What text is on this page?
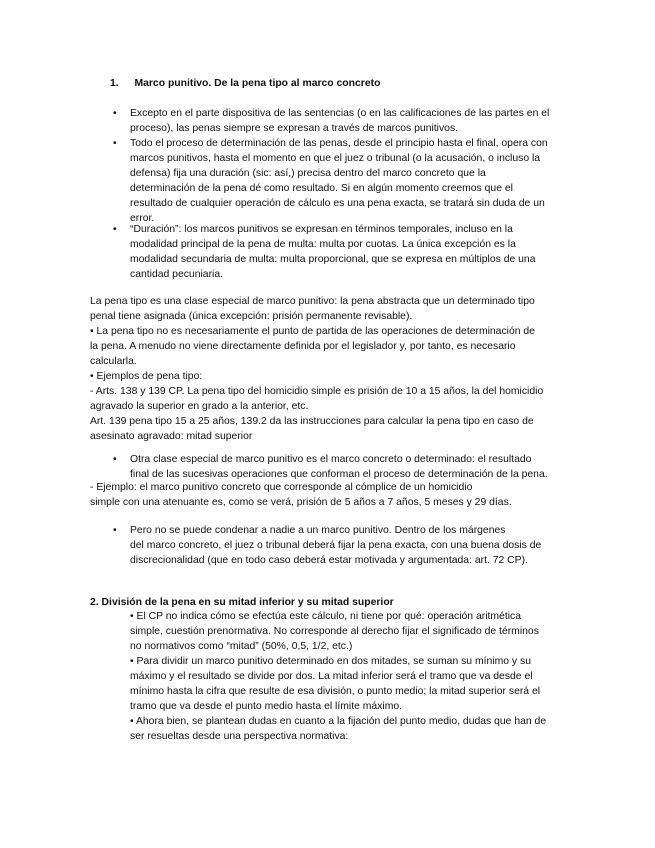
1. Marco punitivo. De la pena tipo al marco concreto
•	Excepto en el parte dispositiva de las sentencias (o en las calificaciones de las partes en el
proceso), las penas siempre se expresan a través de marcos punitivos.
•	Todo el proceso de determinación de las penas, desde el principio hasta el final, opera con
marcos punitivos, hasta el momento en que el juez o tribunal (o la acusación, o incluso la
defensa) fija una duración (sic: así,) precisa dentro del marco concreto que la
determinación de la pena dé como resultado. Si en algún momento creemos que el
resultado de cualquier operación de cálculo es una pena exacta, se tratará sin duda de un
error.
•	“Duración”: los marcos punitivos se expresan en términos temporales, incluso en la
modalidad principal de la pena de multa: multa por cuotas. La única excepción es la
modalidad secundaria de multa: multa proporcional, que se expresa en múltiplos de una
cantidad pecuniaria.
La pena tipo es una clase especial de marco punitivo: la pena abstracta que un determinado tipo
penal tiene asignada (única excepción: prisión permanente revisable).
• La pena tipo no es necesariamente el punto de partida de las operaciones de determinación de
la pena. A menudo no viene directamente definida por el legislador y, por tanto, es necesario
calcularla.
• Ejemplos de pena tipo:
- Arts. 138 y 139 CP. La pena tipo del homicidio simple es prisión de 10 a 15 años, la del homicidio
agravado la superior en grado a la anterior, etc.
Art. 139 pena tipo 15 a 25 años, 139.2 da las instrucciones para calcular la pena tipo en caso de
asesinato agravado: mitad superior
•	Otra clase especial de marco punitivo es el marco concreto o determinado: el resultado
final de las sucesivas operaciones que conforman el proceso de determinación de la pena.
- Ejemplo: el marco punitivo concreto que corresponde al cómplice de un homicidio
simple con una atenuante es, como se verá, prisión de 5 años a 7 años, 5 meses y 29 días.
•	Pero no se puede condenar a nadie a un marco punitivo. Dentro de los márgenes
del marco concreto, el juez o tribunal deberá fijar la pena exacta, con una buena dosis de
discrecionalidad (que en todo caso deberá estar motivada y argumentada: art. 72 CP).
2. División de la pena en su mitad inferior y su mitad superior
• El CP no indica cómo se efectúa este cálculo, ni tiene por qué: operación aritmética
simple, cuestión prenormativa. No corresponde al derecho fijar el significado de términos
no normativos como “mitad” (50%, 0,5, 1/2, etc.)
• Para dividir un marco punitivo determinado en dos mitades, se suman su mínimo y su
máximo y el resultado se divide por dos. La mitad inferior será el tramo que va desde el
mínimo hasta la cifra que resulte de esa división, o punto medio; la mitad superior será el
tramo que va desde el punto medio hasta el límite máximo.
• Ahora bien, se plantean dudas en cuanto a la fijación del punto medio, dudas que han de
ser resueltas desde una perspectiva normativa:
